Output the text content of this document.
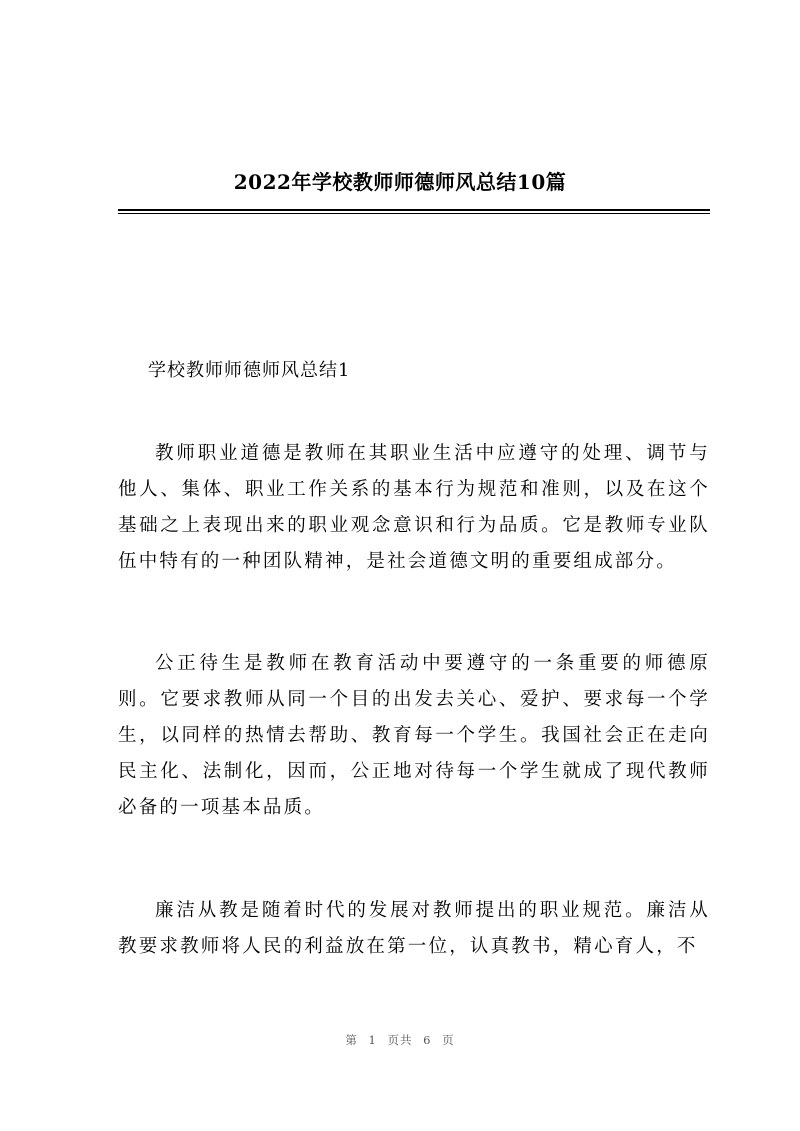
2022年学校教师师德师风总结10篇
学校教师师德师风总结1

教师职业道德是教师在其职业生活中应遵守的处理、调节与他人、集体、职业工作关系的基本行为规范和准则，以及在这个基础之上表现出来的职业观念意识和行为品质。它是教师专业队伍中特有的一种团队精神，是社会道德文明的重要组成部分。

公正待生是教师在教育活动中要遵守的一条重要的师德原则。它要求教师从同一个目的出发去关心、爱护、要求每一个学生，以同样的热情去帮助、教育每一个学生。我国社会正在走向民主化、法制化，因而，公正地对待每一个学生就成了现代教师必备的一项基本品质。

廉洁从教是随着时代的发展对教师提出的职业规范。廉洁从教要求教师将人民的利益放在第一位，认真教书，精心育人，不

第 1 页共 6 页
